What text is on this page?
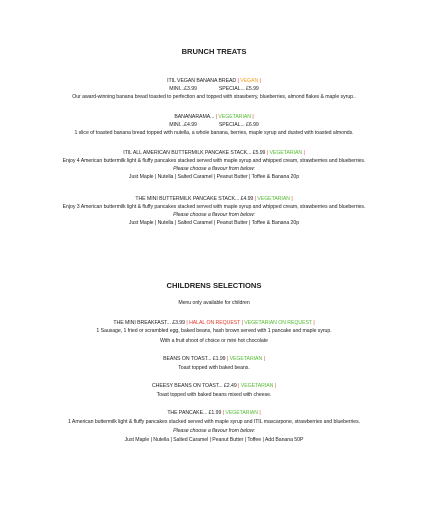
BRUNCH TREATS
ITIL VEGAN BANANA BREAD | VEGAN |
MINI...£3.99	SPECIAL... £5.99
Our award-winning banana bread toasted to perfection and topped with strawberry, blueberries, almond flakes & maple syrup..
BANANARAMA... | VEGETARIAN |
MINI...£4.99	SPECIAL... £6.99
1 slice of toasted banana bread topped with nutella, a whole banana, berries, maple syrup and dusted with toasted almonds.
ITIL ALL AMERICAN BUTTERMILK PANCAKE STACK... £5.99 | VEGETARIAN |
Enjoy 4 American buttermilk light & fluffy pancakes stacked served with maple syrup and whipped cream, strawberries and blueberries.
Please choose a flavour from below:
Just Maple | Nutella | Salted Caramel | Peanut Butter | Toffee & Banana 20p
THE MINI BUTTERMILK PANCAKE STACK... £4.99 | VEGETARIAN |
Enjoy 3 American buttermilk light & fluffy pancakes stacked served with maple syrup and whipped cream, strawberries and blueberries.
Please choose a flavour from below:
Just Maple | Nutella | Salted Caramel | Peanut Butter | Toffee & Banana 20p
CHILDRENS SELECTIONS
Menu only available for children
THE MINI BREAKFAST... £3.99 | HALAL ON REQUEST | VEGETARIAN ON REQUEST |
1 Sausage, 1 fried or scrambled egg, baked beans, hash brown served with 1 pancake and maple syrup.
With a fruit shoot of choice or mini hot chocolate
BEANS ON TOAST... £1.99 | VEGETARIAN |
Toast topped with baked beans.
CHEESY BEANS ON TOAST... £2.49 | VEGETARIAN |
Toast topped with baked beans mixed with cheese.
THE PANCAKE... £1.99 | VEGETARIAN |
1 American buttermilk light & fluffy pancakes stacked served with maple syrup and ITIL mascarpone, strawberries and blueberries.
Please choose a flavour from below:
Just Maple | Nutella | Salted Caramel | Peanut Butter | Toffee | Add Banana 50P
